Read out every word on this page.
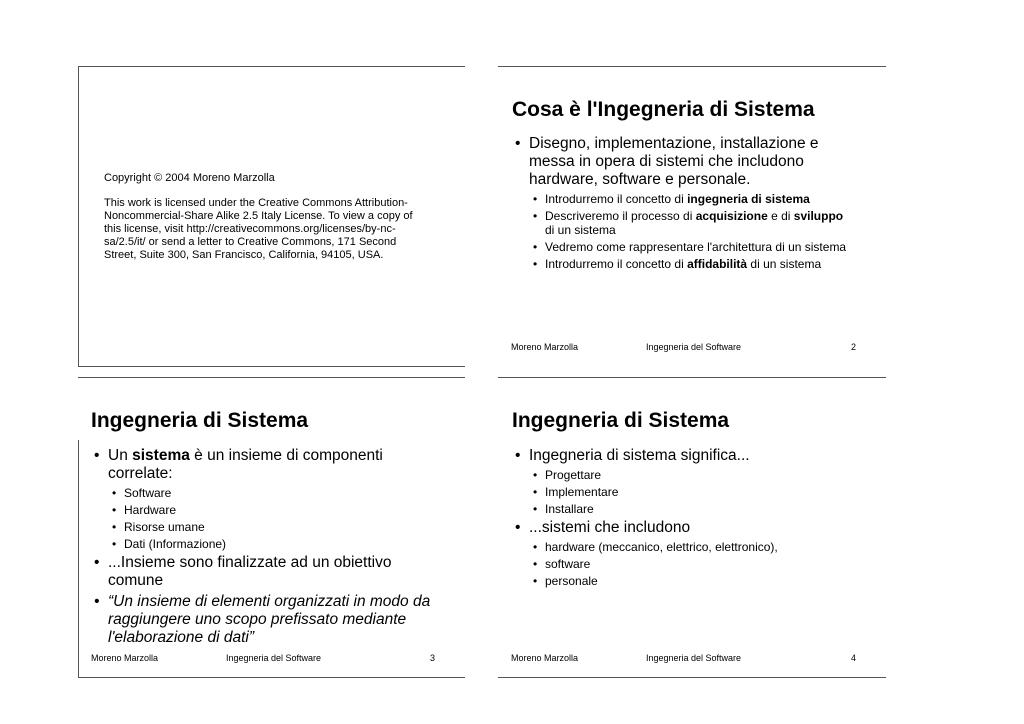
Copyright © 2004 Moreno Marzolla

This work is licensed under the Creative Commons Attribution-
Noncommercial-Share Alike 2.5 Italy License. To view a copy of
this license, visit http://creativecommons.org/licenses/by-nc-
sa/2.5/it/ or send a letter to Creative Commons, 171 Second
Street, Suite 300, San Francisco, California, 94105, USA.

Cosa è l'Ingegneria di Sistema
• Disegno, implementazione, installazione e
messa in opera di sistemi che includono
hardware, software e personale.
• Introdurremo il concetto di ingegneria di sistema
• Descriveremo il processo di acquisizione e di sviluppo
di un sistema
• Vedremo come rappresentare l'architettura di un sistema
• Introdurremo il concetto di affidabilità di un sistema
Moreno Marzolla	Ingegneria del Software	2
Ingegneria di Sistema
• Un sistema è un insieme di componenti
correlate:
• Software
• Hardware
• Risorse umane
• Dati (Informazione)
• ...Insieme sono finalizzate ad un obiettivo
comune
• “Un insieme di elementi organizzati in modo da
raggiungere uno scopo prefissato mediante
l'elaborazione di dati”
Moreno Marzolla	Ingegneria del Software	3
Ingegneria di Sistema
• Ingegneria di sistema significa...
• Progettare
• Implementare
• Installare
• ...sistemi che includono
• hardware (meccanico, elettrico, elettronico),
• software
• personale
Moreno Marzolla	Ingegneria del Software	4
